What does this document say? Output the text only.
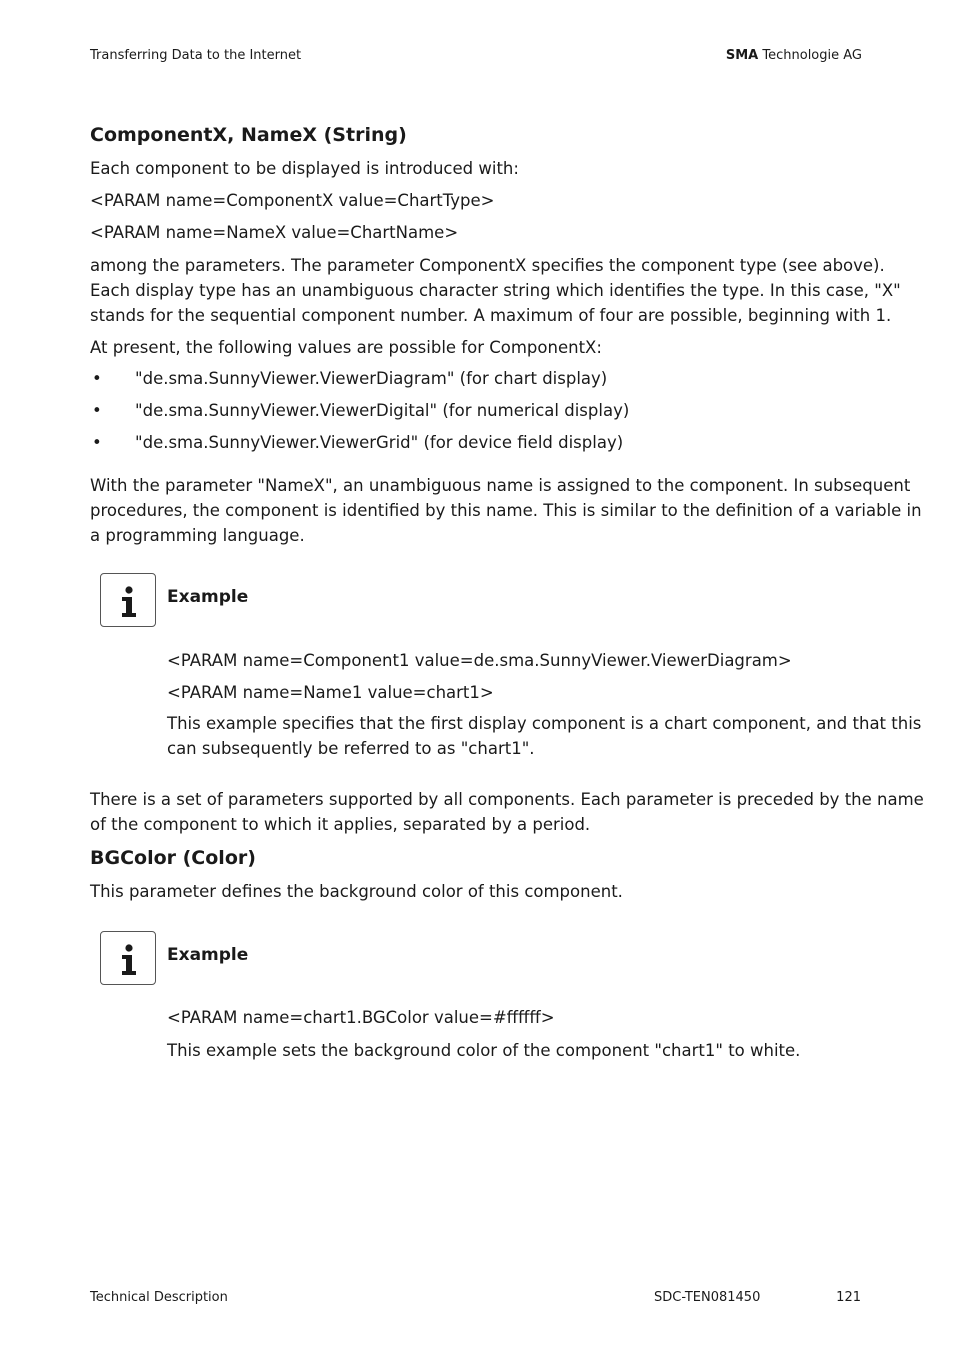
Transferring Data to the Internet	SMA Technologie AG
ComponentX, NameX (String)

Each component to be displayed is introduced with:

<PARAM name=ComponentX value=ChartType>

<PARAM name=NameX value=ChartName>

among the parameters. The parameter ComponentX specifies the component type (see above).

Each display type has an unambiguous character string which identifies the type. In this case, "X"

stands for the sequential component number. A maximum of four are possible, beginning with 1.

At present, the following values are possible for ComponentX:

• "de.sma.SunnyViewer.ViewerDiagram" (for chart display)
• "de.sma.SunnyViewer.ViewerDigital" (for numerical display)
• "de.sma.SunnyViewer.ViewerGrid" (for device field display)

With the parameter "NameX", an unambiguous name is assigned to the component. In subsequent

procedures, the component is identified by this name. This is similar to the definition of a variable in

a programming language.

Example

<PARAM name=Component1 value=de.sma.SunnyViewer.ViewerDiagram>

<PARAM name=Name1 value=chart1>

This example specifies that the first display component is a chart component, and that this

can subsequently be referred to as "chart1".

There is a set of parameters supported by all components. Each parameter is preceded by the name

of the component to which it applies, separated by a period.

BGColor (Color)

This parameter defines the background color of this component.

Example

<PARAM name=chart1.BGColor value=#ffffff>

This example sets the background color of the component "chart1" to white.

Technical Description	SDC-TEN081450	121
